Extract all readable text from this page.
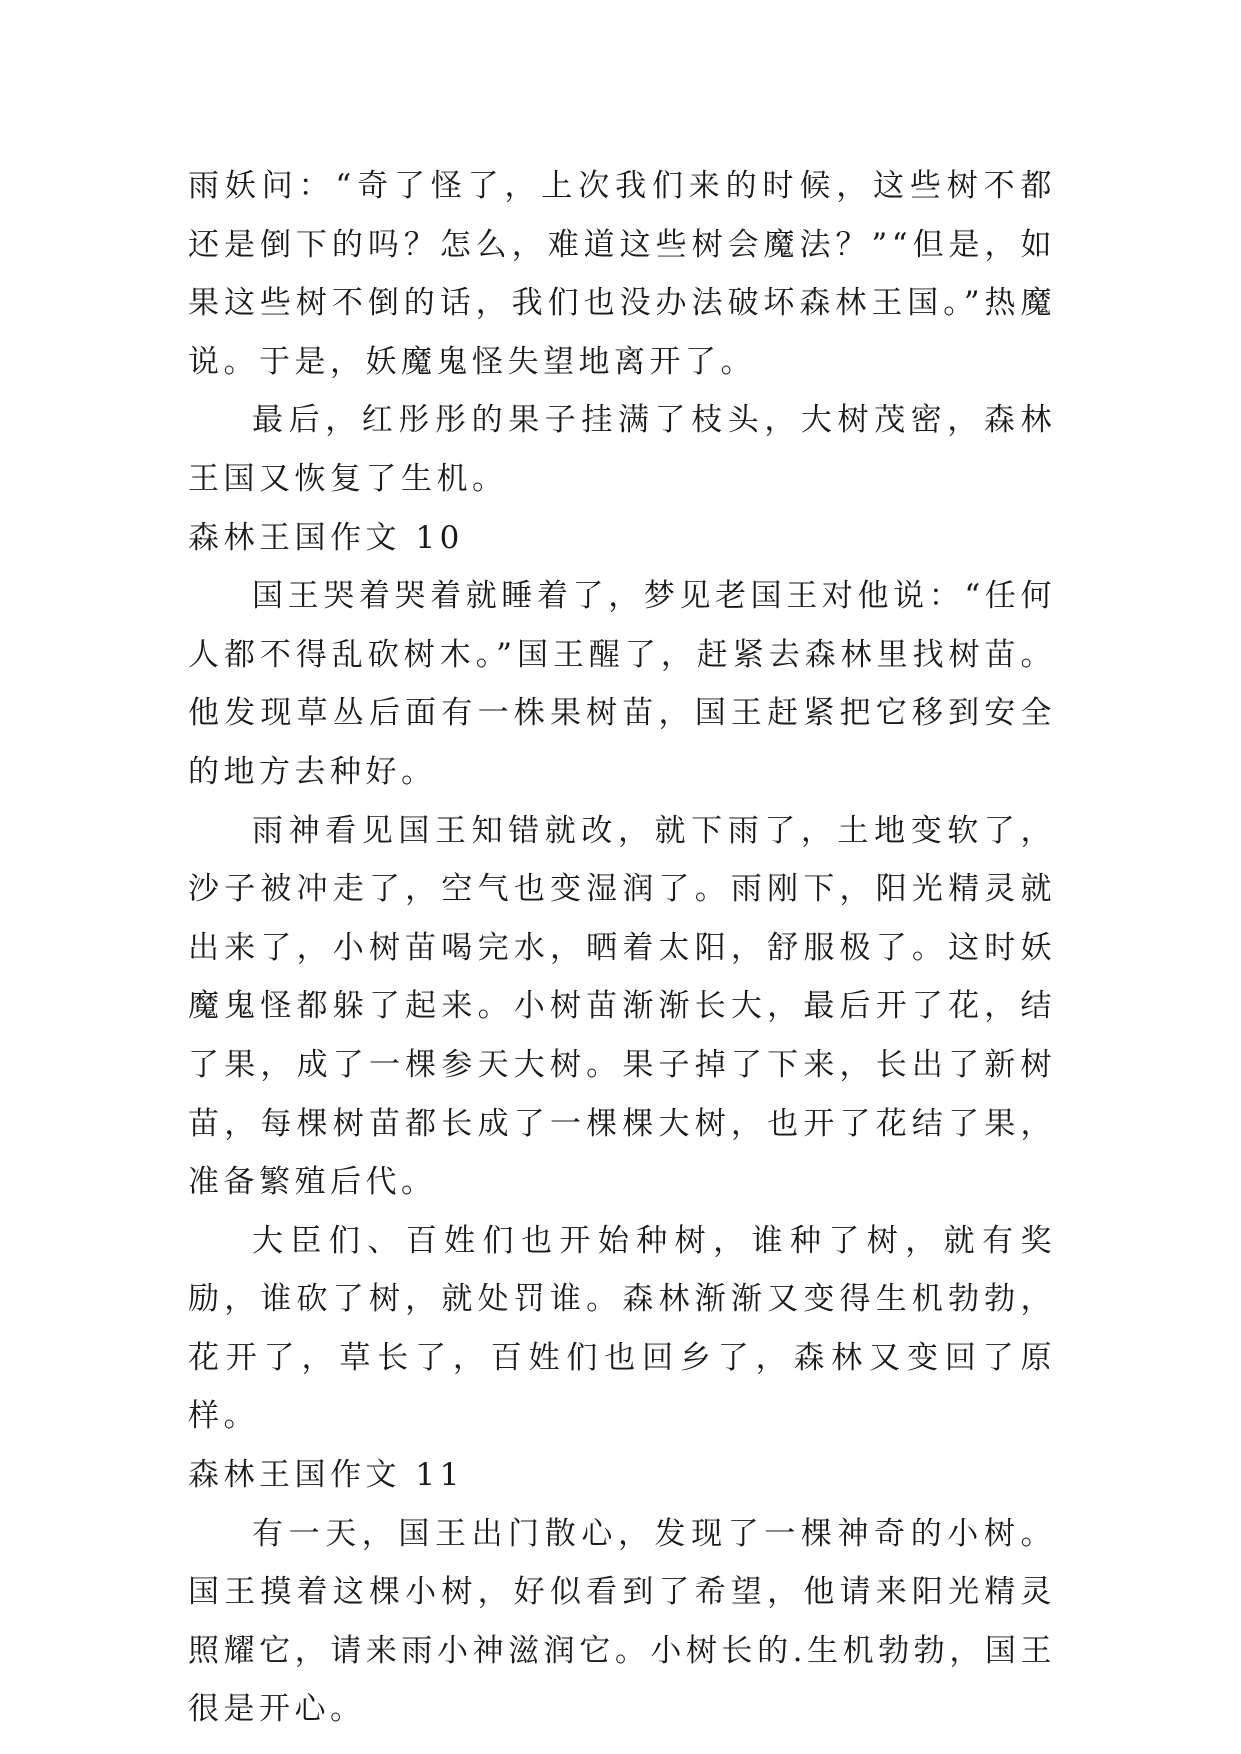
雨妖问：“奇了怪了，上次我们来的时候，这些树不都还是倒下的吗？怎么，难道这些树会魔法？”“但是，如果这些树不倒的话，我们也没办法破坏森林王国。”热魔说。于是，妖魔鬼怪失望地离开了。

最后，红彤彤的果子挂满了枝头，大树茂密，森林王国又恢复了生机。

森林王国作文 10

国王哭着哭着就睡着了，梦见老国王对他说：“任何人都不得乱砍树木。”国王醒了，赶紧去森林里找树苗。他发现草丛后面有一株果树苗，国王赶紧把它移到安全的地方去种好。

雨神看见国王知错就改，就下雨了，土地变软了，沙子被冲走了，空气也变湿润了。雨刚下，阳光精灵就出来了，小树苗喝完水，晒着太阳，舒服极了。这时妖魔鬼怪都躲了起来。小树苗渐渐长大，最后开了花，结了果，成了一棵参天大树。果子掉了下来，长出了新树苗，每棵树苗都长成了一棵棵大树，也开了花结了果，准备繁殖后代。

大臣们、百姓们也开始种树，谁种了树，就有奖励，谁砍了树，就处罚谁。森林渐渐又变得生机勃勃，花开了，草长了，百姓们也回乡了，森林又变回了原样。

森林王国作文 11

有一天，国王出门散心，发现了一棵神奇的小树。国王摸着这棵小树，好似看到了希望，他请来阳光精灵照耀它，请来雨小神滋润它。小树长的.生机勃勃，国王很是开心。
